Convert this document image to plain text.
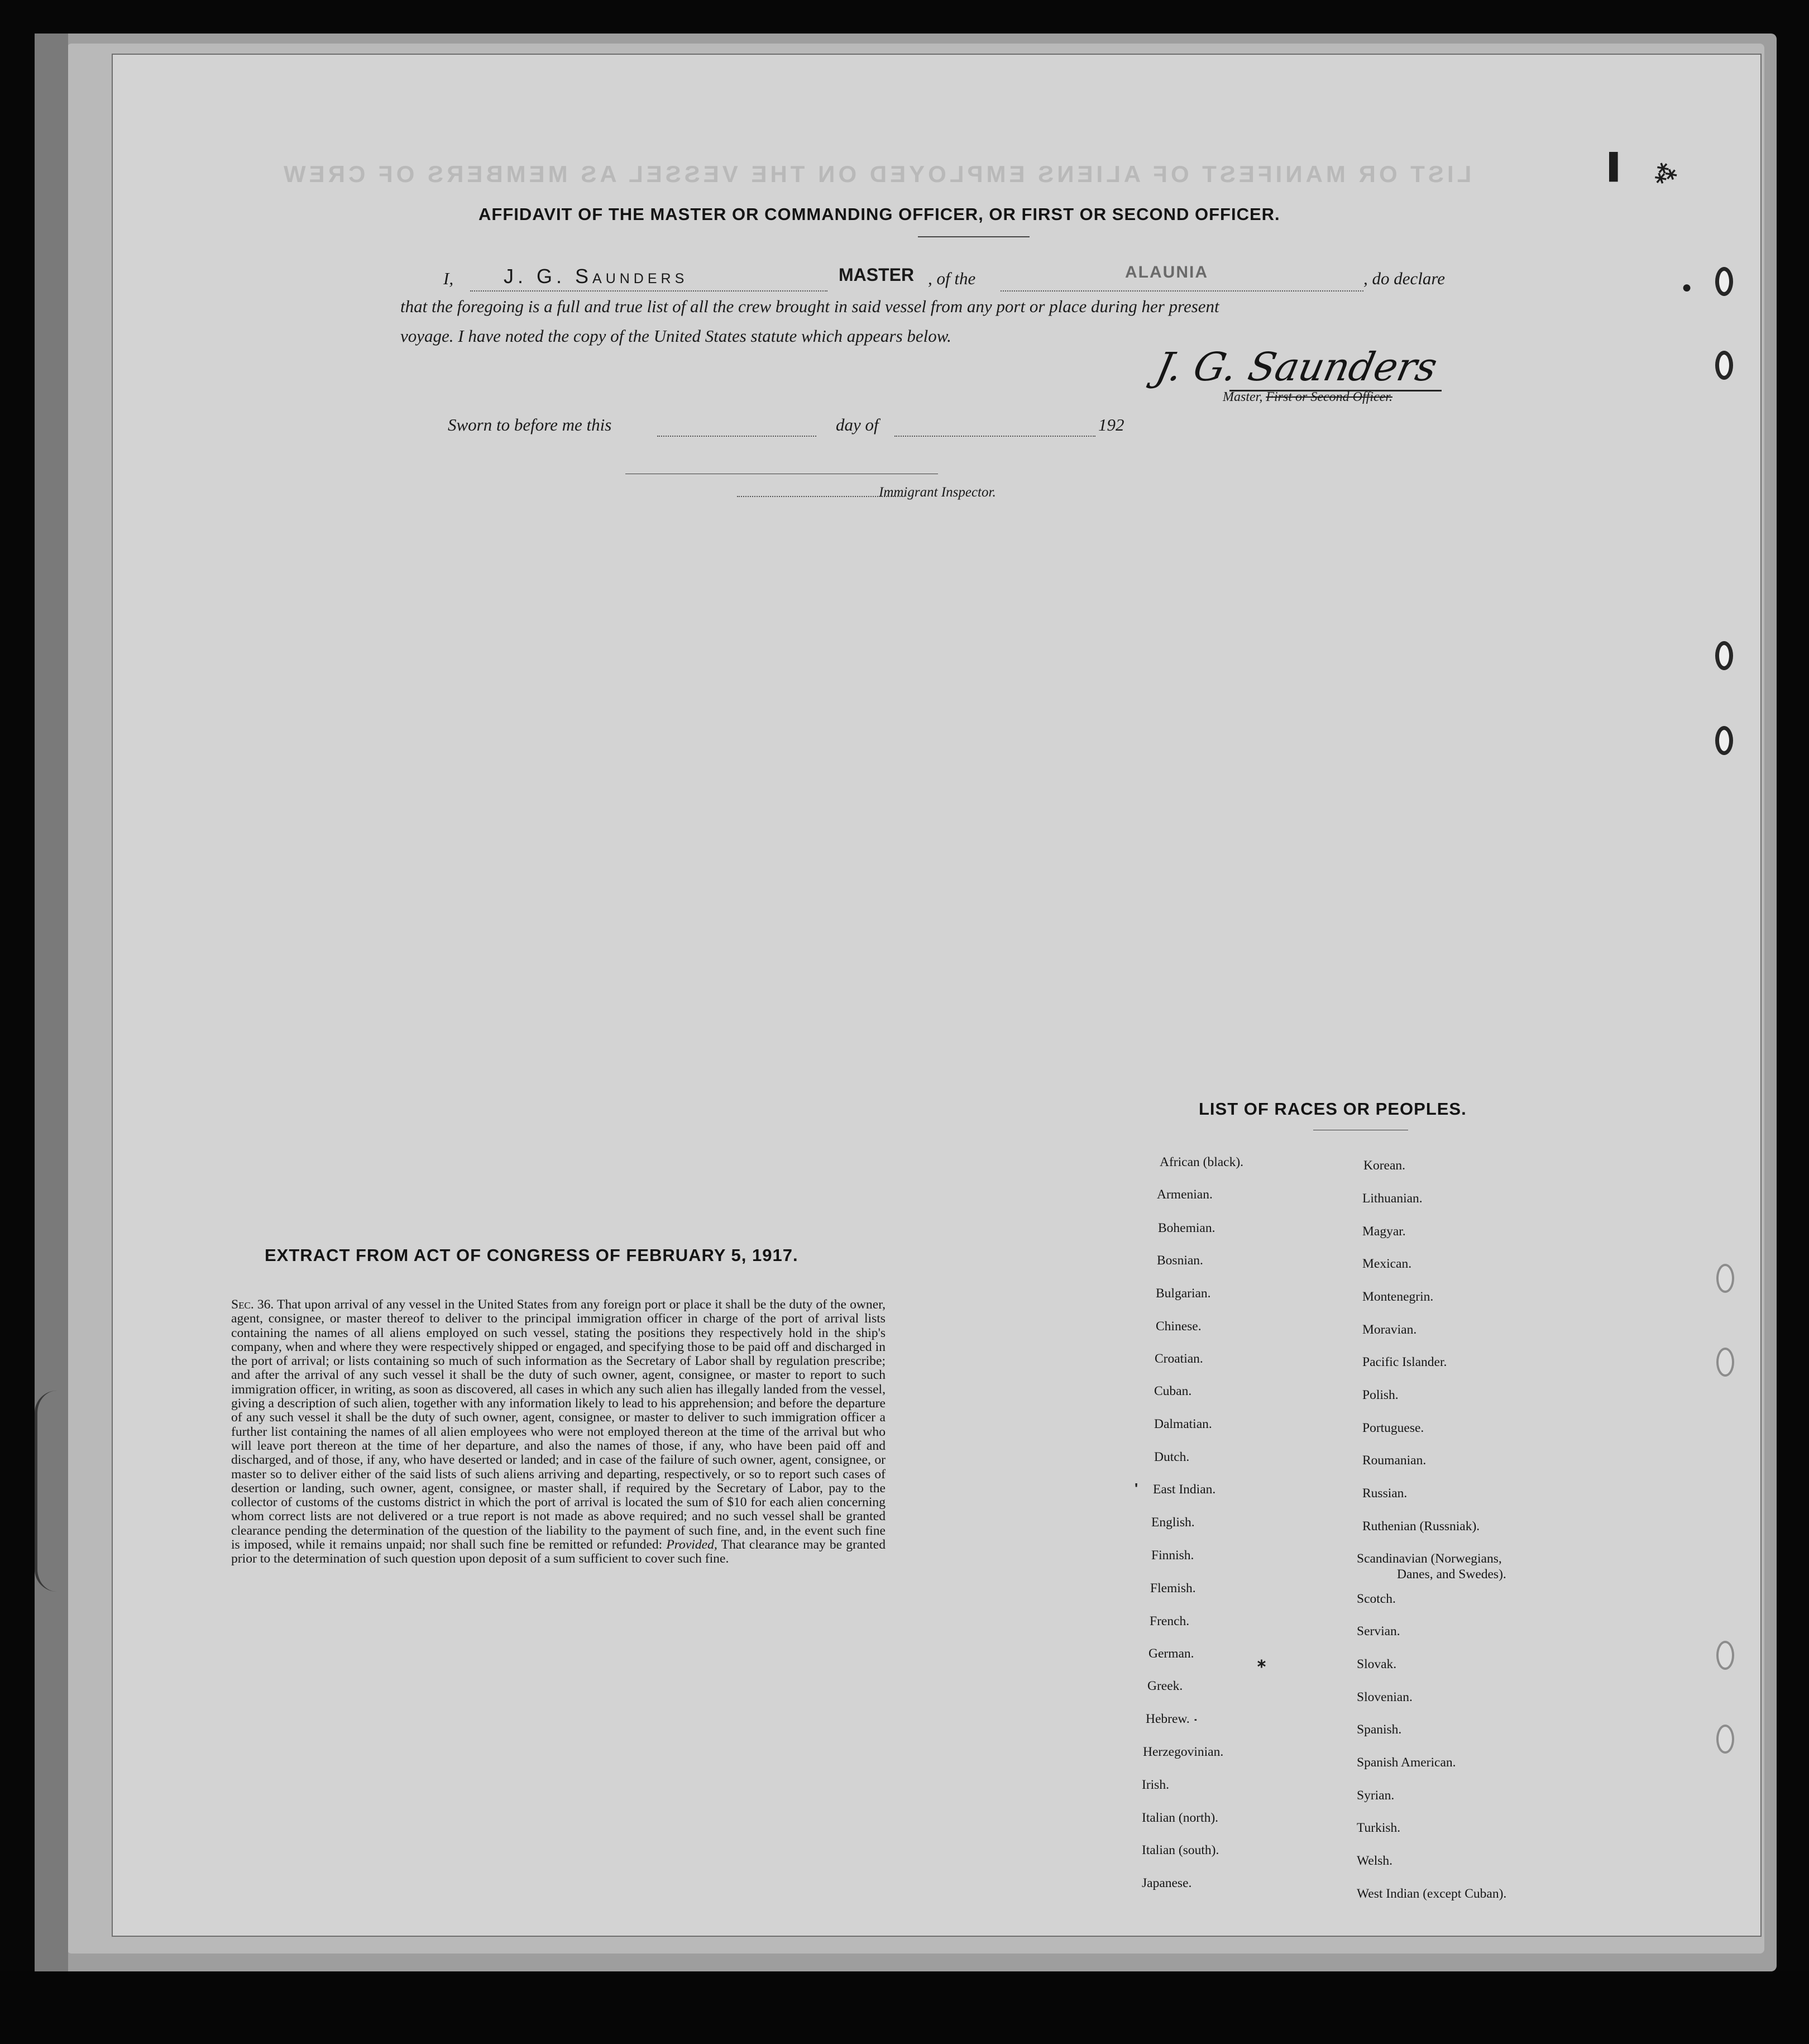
LIST OR MANIFEST OF ALIENS EMPLOYED ON THE VESSEL AS MEMBERS OF CREW	▌ ⁂
●
AFFIDAVIT OF THE MASTER OR COMMANDING OFFICER, OR FIRST OR SECOND OFFICER.
I, J. G. Saunders	MASTER , of the	ALAUNIA	, do declare
that the foregoing is a full and true list of all the crew brought in said vessel from any port or place during her present
voyage. I have noted the copy of the United States statute which appears below.
J. G. Saunders
Master, First or Second Officer.
Sworn to before me this	day of	192
Immigrant Inspector.
EXTRACT FROM ACT OF CONGRESS OF FEBRUARY 5, 1917.
Sec. 36. That upon arrival of any vessel in the United States from any foreign port or place it shall be the duty of the owner, agent, consignee, or master thereof to deliver to the principal immigration officer in charge of the port of arrival lists containing the names of all aliens employed on such vessel, stating the positions they respectively hold in the ship's company, when and where they were respectively shipped or engaged, and specifying those to be paid off and discharged in the port of arrival; or lists containing so much of such information as the Secretary of Labor shall by regulation prescribe; and after the arrival of any such vessel it shall be the duty of such owner, agent, consignee, or master to report to such immigration officer, in writing, as soon as discovered, all cases in which any such alien has illegally landed from the vessel, giving a description of such alien, together with any information likely to lead to his apprehension; and before the departure of any such vessel it shall be the duty of such owner, agent, consignee, or master to deliver to such immigration officer a further list containing the names of all alien employees who were not employed thereon at the time of the arrival but who will leave port thereon at the time of her departure, and also the names of those, if any, who have been paid off and discharged, and of those, if any, who have deserted or landed; and in case of the failure of such owner, agent, consignee, or master so to deliver either of the said lists of such aliens arriving and departing, respectively, or so to report such cases of desertion or landing, such owner, agent, consignee, or master shall, if required by the Secretary of Labor, pay to the collector of customs of the customs district in which the port of arrival is located the sum of $10 for each alien concerning whom correct lists are not delivered or a true report is not made as above required; and no such vessel shall be granted clearance pending the determination of the question of the liability to the payment of such fine, and, in the event such fine is imposed, while it remains unpaid; nor shall such fine be remitted or refunded: Provided, That clearance may be granted prior to the determination of such question upon deposit of a sum sufficient to cover such fine.
LIST OF RACES OR PEOPLES.
African (black).
Armenian.
Bohemian.
Bosnian.
Bulgarian.
Chinese.
Croatian.
Cuban.
Dalmatian.
Dutch.
East Indian.
English.
Finnish.
Flemish.
French.
German.
Greek.
Hebrew.
Herzegovinian.
Irish.
Italian (north).
Italian (south).
Japanese.
Korean.
Lithuanian.
Magyar.
Mexican.
Montenegrin.
Moravian.
Pacific Islander.
Polish.
Portuguese.
Roumanian.
Russian.
Ruthenian (Russniak).
Scandinavian (Norwegians,
Danes, and Swedes).
Scotch.
Servian.
Slovak.
Slovenian.
Spanish.
Spanish American.
Syrian.
Turkish.
Welsh.
West Indian (except Cuban).
⁎
'
˙
